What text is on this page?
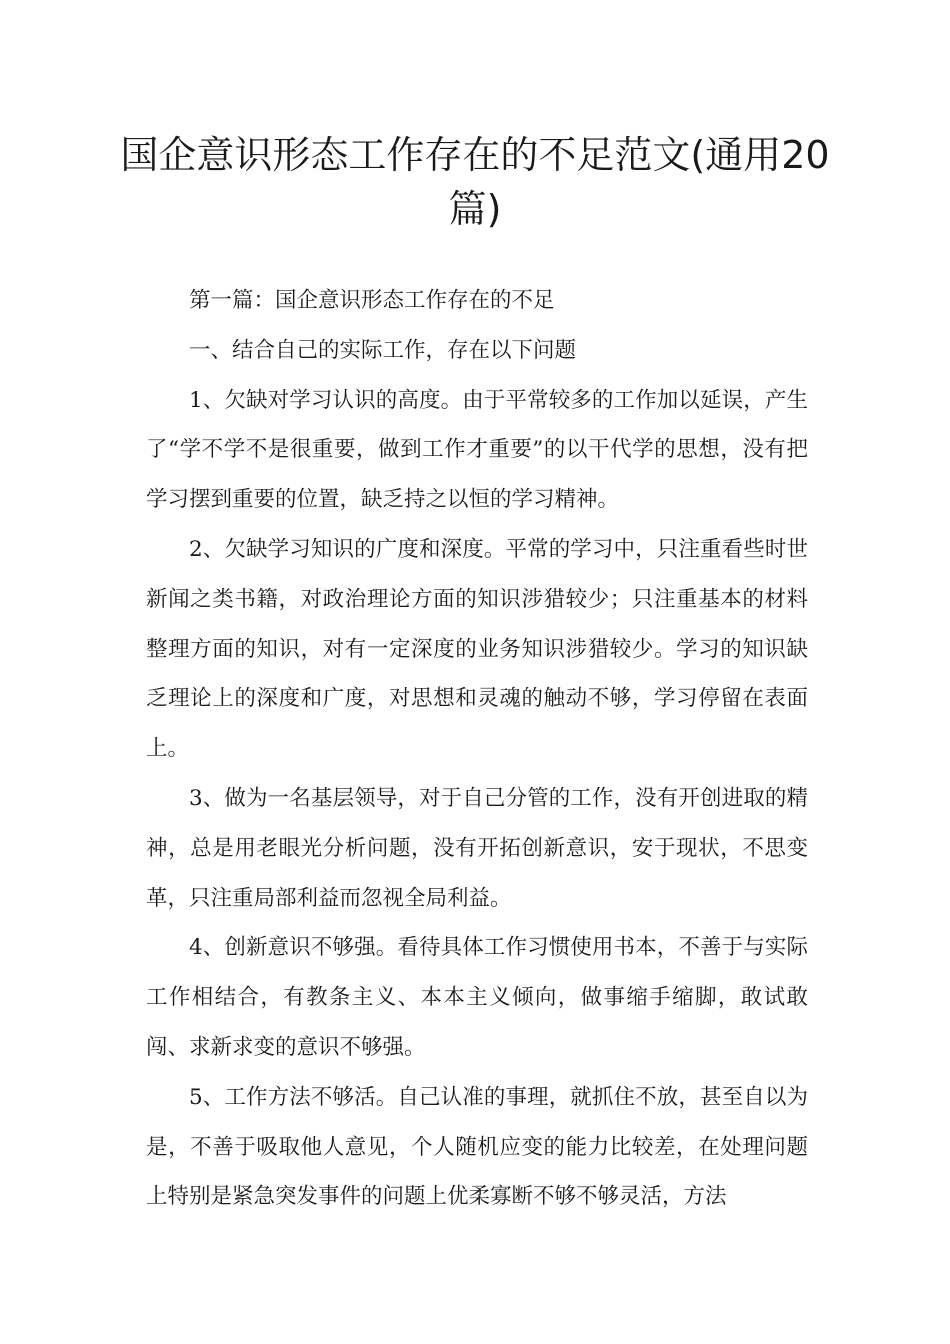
国企意识形态工作存在的不足范文(通用20篇)

第一篇：国企意识形态工作存在的不足

一、结合自己的实际工作，存在以下问题

1、欠缺对学习认识的高度。由于平常较多的工作加以延误，产生了“学不学不是很重要，做到工作才重要”的以干代学的思想，没有把学习摆到重要的位置，缺乏持之以恒的学习精神。

2、欠缺学习知识的广度和深度。平常的学习中，只注重看些时世新闻之类书籍，对政治理论方面的知识涉猎较少；只注重基本的材料整理方面的知识，对有一定深度的业务知识涉猎较少。学习的知识缺乏理论上的深度和广度，对思想和灵魂的触动不够，学习停留在表面上。

3、做为一名基层领导，对于自己分管的工作，没有开创进取的精神，总是用老眼光分析问题，没有开拓创新意识，安于现状，不思变革，只注重局部利益而忽视全局利益。

4、创新意识不够强。看待具体工作习惯使用书本，不善于与实际工作相结合，有教条主义、本本主义倾向，做事缩手缩脚，敢试敢闯、求新求变的意识不够强。

5、工作方法不够活。自己认准的事理，就抓住不放，甚至自以为是，不善于吸取他人意见，个人随机应变的能力比较差，在处理问题上特别是紧急突发事件的问题上优柔寡断不够不够灵活，方法
